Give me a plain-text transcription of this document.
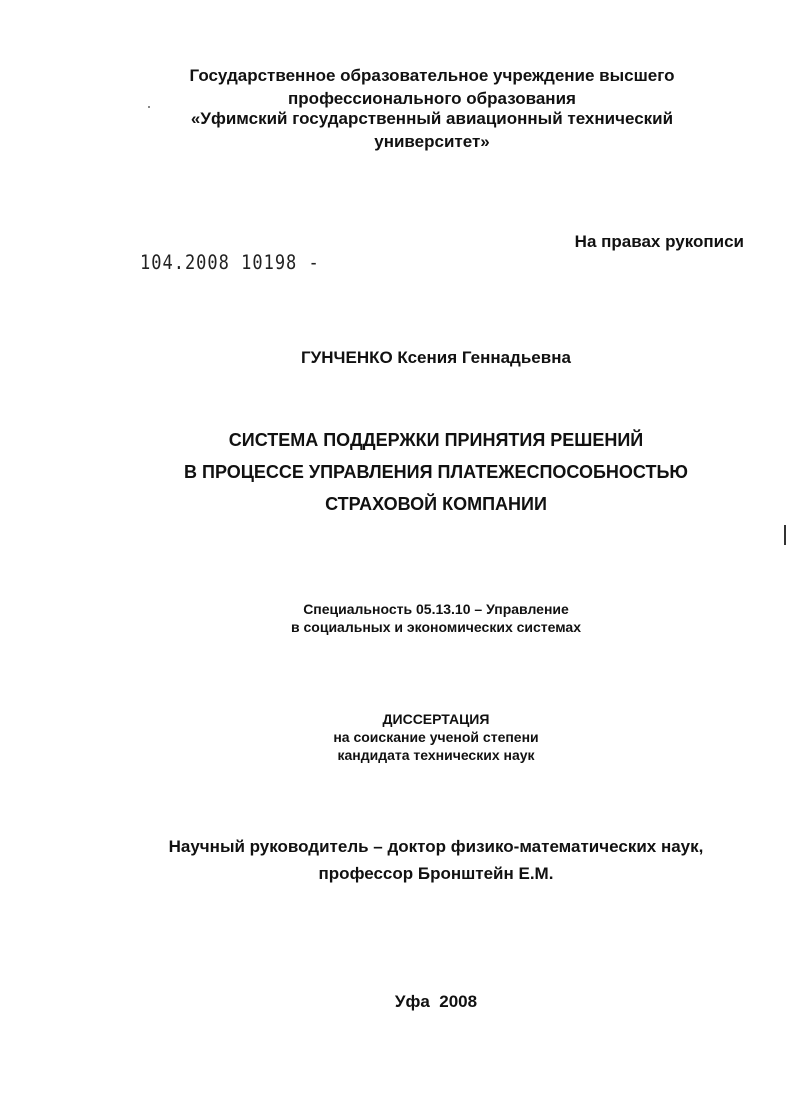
Государственное образовательное учреждение высшего
профессионального образования
«Уфимский государственный авиационный технический
университет»
На правах рукописи
104.2008 10198 -
ГУНЧЕНКО Ксения Геннадьевна
СИСТЕМА ПОДДЕРЖКИ ПРИНЯТИЯ РЕШЕНИЙ
В ПРОЦЕССЕ УПРАВЛЕНИЯ ПЛАТЕЖЕСПОСОБНОСТЬЮ
СТРАХОВОЙ КОМПАНИИ
Специальность 05.13.10 – Управление
в социальных и экономических системах
ДИССЕРТАЦИЯ
на соискание ученой степени
кандидата технических наук
Научный руководитель – доктор физико-математических наук,
профессор Бронштейн Е.М.
Уфа  2008
